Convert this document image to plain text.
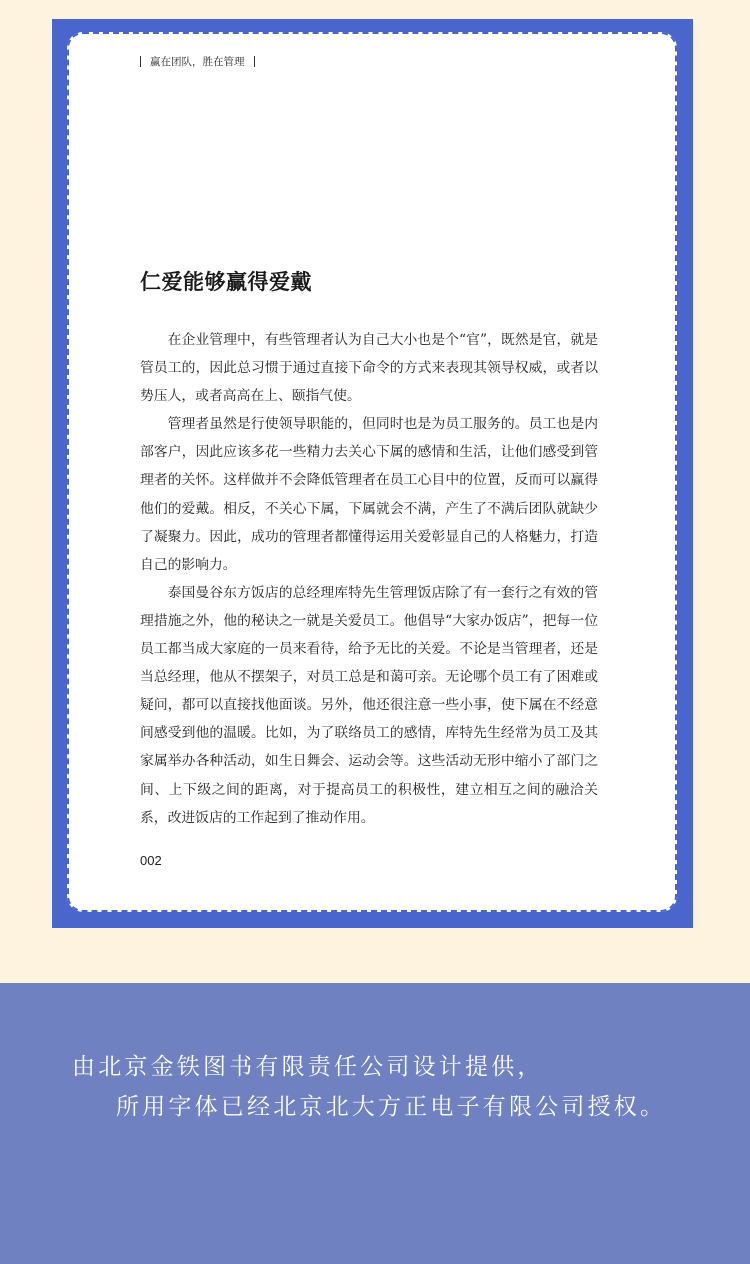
赢在团队，胜在管理
仁爱能够赢得爱戴

在企业管理中，有些管理者认为自己大小也是个“官”，既然是官，就是管员工的，因此总习惯于通过直接下命令的方式来表现其领导权威，或者以势压人，或者高高在上、颐指气使。

管理者虽然是行使领导职能的，但同时也是为员工服务的。员工也是内部客户，因此应该多花一些精力去关心下属的感情和生活，让他们感受到管理者的关怀。这样做并不会降低管理者在员工心目中的位置，反而可以赢得他们的爱戴。相反，不关心下属，下属就会不满，产生了不满后团队就缺少了凝聚力。因此，成功的管理者都懂得运用关爱彰显自己的人格魅力，打造自己的影响力。

泰国曼谷东方饭店的总经理库特先生管理饭店除了有一套行之有效的管理措施之外，他的秘诀之一就是关爱员工。他倡导“大家办饭店”，把每一位员工都当成大家庭的一员来看待，给予无比的关爱。不论是当管理者，还是当总经理，他从不摆架子，对员工总是和蔼可亲。无论哪个员工有了困难或疑问，都可以直接找他面谈。另外，他还很注意一些小事，使下属在不经意间感受到他的温暖。比如，为了联络员工的感情，库特先生经常为员工及其家属举办各种活动，如生日舞会、运动会等。这些活动无形中缩小了部门之间、上下级之间的距离，对于提高员工的积极性，建立相互之间的融洽关系，改进饭店的工作起到了推动作用。

002
由北京金铁图书有限责任公司设计提供，
所用字体已经北京北大方正电子有限公司授权。
